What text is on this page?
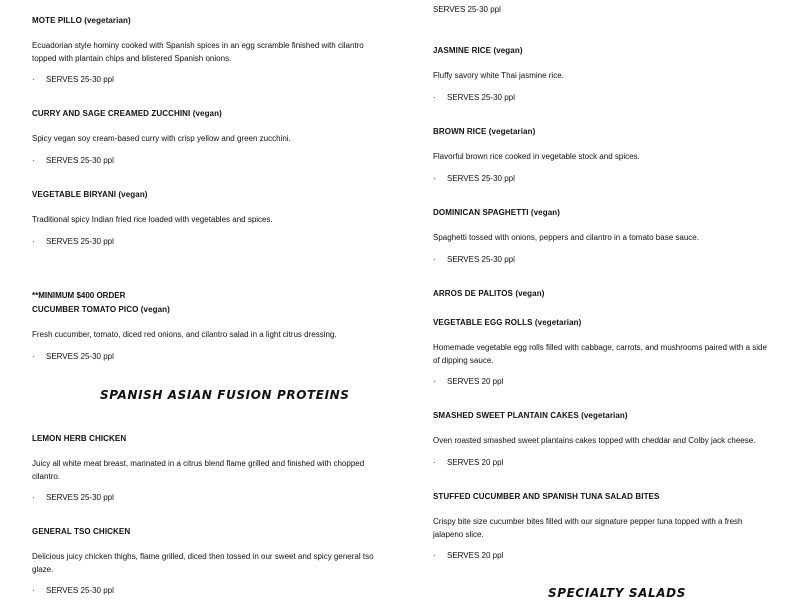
MOTE PILLO (vegetarian)
Ecuadorian style hominy cooked with Spanish spices in an egg scramble finished with cilantro topped with plantain chips and blistered Spanish onions.
· SERVES 25-30 ppl
CURRY AND SAGE CREAMED ZUCCHINI (vegan)
Spicy vegan soy cream-based curry with crisp yellow and green zucchini.
· SERVES 25-30 ppl
VEGETABLE BIRYANI (vegan)
Traditional spicy Indian fried rice loaded with vegetables and spices.
· SERVES 25-30 ppl
**MINIMUM $400 ORDER
CUCUMBER TOMATO PICO (vegan)
Fresh cucumber, tomato, diced red onions, and cilantro salad in a light citrus dressing.
· SERVES 25-30 ppl
SPANISH ASIAN FUSION PROTEINS
LEMON HERB CHICKEN
Juicy all white meat breast, marinated in a citrus blend flame grilled and finished with chopped cilantro.
· SERVES 25-30 ppl
GENERAL TSO CHICKEN
Delicious juicy chicken thighs, flame grilled, diced then tossed in our sweet and spicy general tso glaze.
· SERVES 25-30 ppl
SERVES 25-30 ppl
JASMINE RICE (vegan)
Fluffy savory white Thai jasmine rice.
· SERVES 25-30 ppl
BROWN RICE (vegetarian)
Flavorful brown rice cooked in vegetable stock and spices.
· SERVES 25-30 ppl
DOMINICAN SPAGHETTI (vegan)
Spaghetti tossed with onions, peppers and cilantro in a tomato base sauce.
· SERVES 25-30 ppl
ARROS DE PALITOS (vegan)
VEGETABLE EGG ROLLS (vegetarian)
Homemade vegetable egg rolls filled with cabbage, carrots, and mushrooms paired with a side of dipping sauce.
· SERVES 20 ppl
SMASHED SWEET PLANTAIN CAKES (vegetarian)
Oven roasted smashed sweet plantains cakes topped with cheddar and Colby jack cheese.
· SERVES 20 ppl
STUFFED CUCUMBER AND SPANISH TUNA SALAD BITES
Crispy bite size cucumber bites filled with our signature pepper tuna topped with a fresh jalapeno slice.
· SERVES 20 ppl
SPECIALTY SALADS
